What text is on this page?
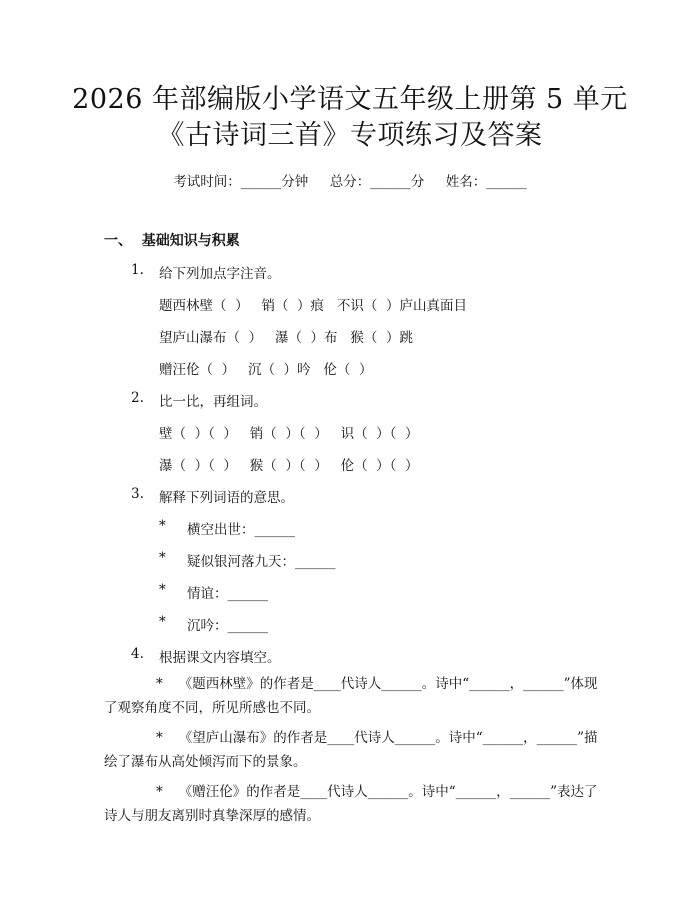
2026 年部编版小学语文五年级上册第 5 单元
《古诗词三首》专项练习及答案
考试时间：______分钟     总分：______分     姓名：______
一、  基础知识与积累
1. 给下列加点字注音。
题西林壁（  ）   销（  ）痕   不识（  ）庐山真面目
望庐山瀑布（  ）   瀑（  ）布   猴（  ）跳
赠汪伦（  ）   沉（  ）吟   伦（  ）
2. 比一比，再组词。
壁（  ）（  ）   销（  ）（  ）   识（  ）（  ）
瀑（  ）（  ）   猴（  ）（  ）   伦（  ）（  ）
3. 解释下列词语的意思。
* 横空出世：______
* 疑似银河落九天：______
* 情谊：______
* 沉吟：______
4. 根据课文内容填空。
* 《题西林壁》的作者是____代诗人______。诗中“______，______”体现了观察角度不同，所见所感也不同。
* 《望庐山瀑布》的作者是____代诗人______。诗中“______，______”描绘了瀑布从高处倾泻而下的景象。
* 《赠汪伦》的作者是____代诗人______。诗中“______，______”表达了诗人与朋友离别时真挚深厚的感情。
